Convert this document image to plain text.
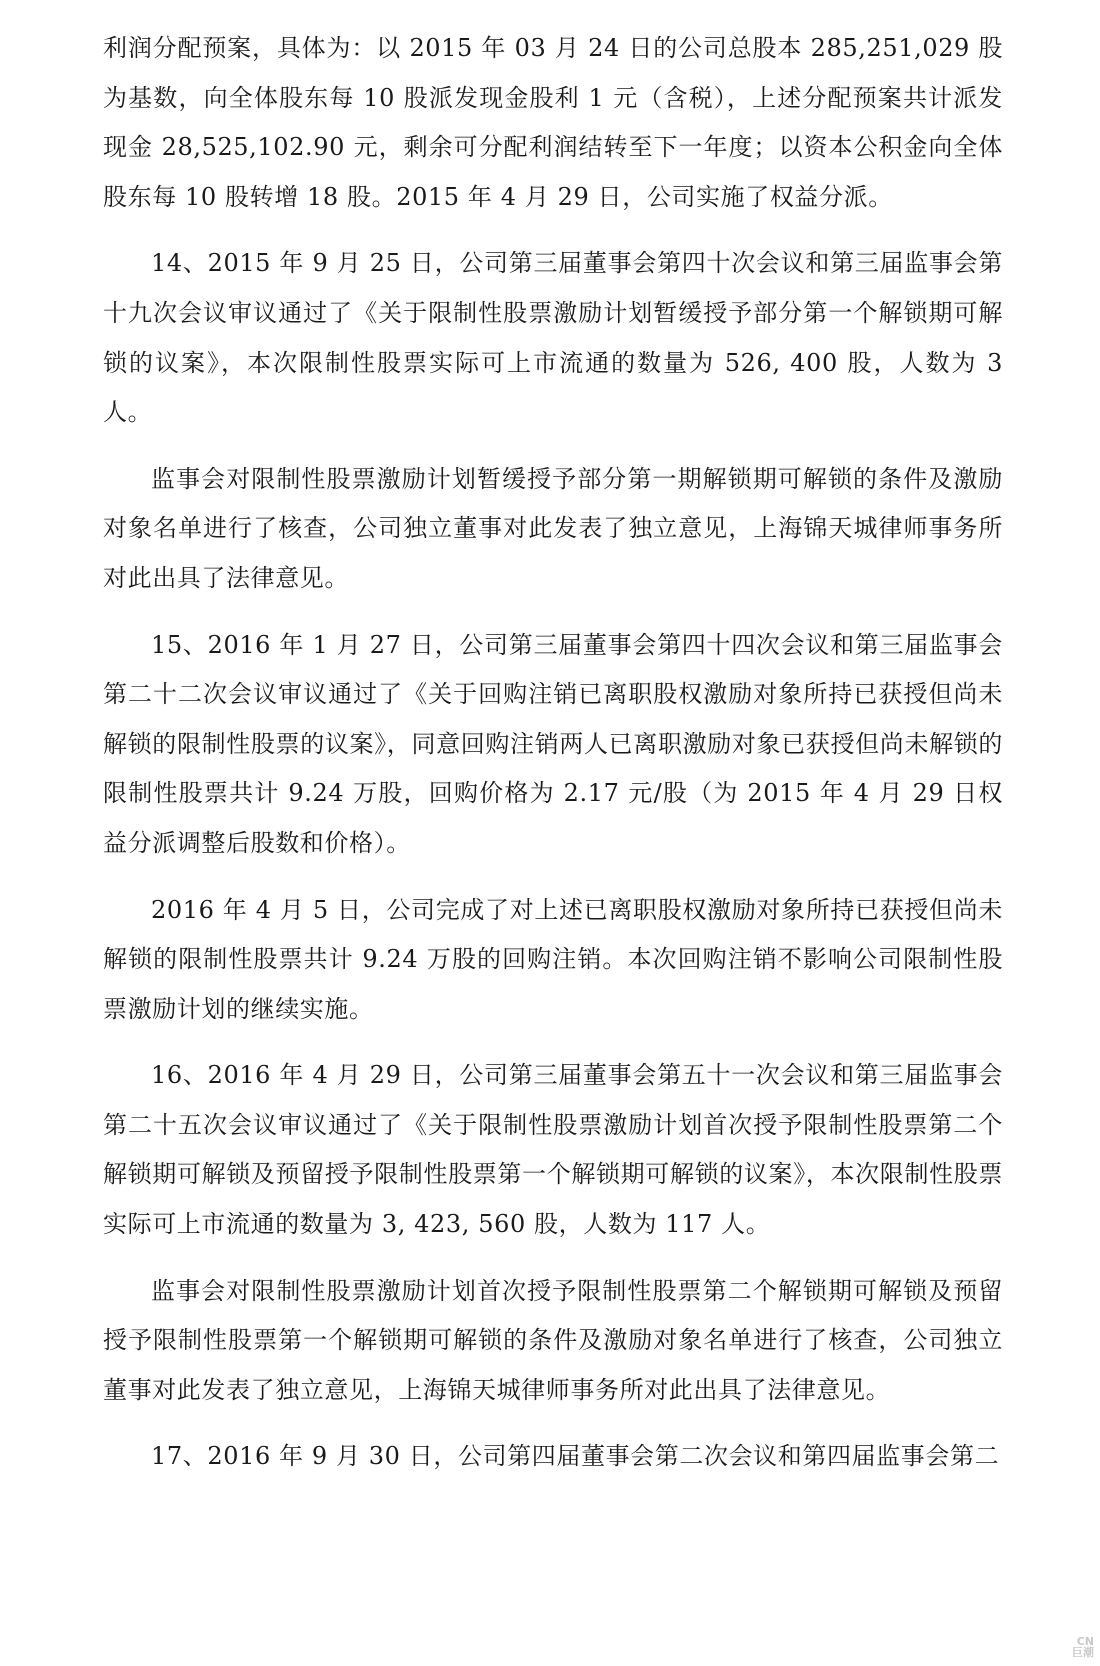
利润分配预案，具体为：以 2015 年 03 月 24 日的公司总股本 285,251,029 股为基数，向全体股东每 10 股派发现金股利 1 元（含税），上述分配预案共计派发现金 28,525,102.90 元，剩余可分配利润结转至下一年度；以资本公积金向全体股东每 10 股转增 18 股。2015 年 4 月 29 日，公司实施了权益分派。

14、2015 年 9 月 25 日，公司第三届董事会第四十次会议和第三届监事会第十九次会议审议通过了《关于限制性股票激励计划暂缓授予部分第一个解锁期可解锁的议案》，本次限制性股票实际可上市流通的数量为 526, 400 股，人数为 3 人。

监事会对限制性股票激励计划暂缓授予部分第一期解锁期可解锁的条件及激励对象名单进行了核查，公司独立董事对此发表了独立意见，上海锦天城律师事务所对此出具了法律意见。

15、2016 年 1 月 27 日，公司第三届董事会第四十四次会议和第三届监事会第二十二次会议审议通过了《关于回购注销已离职股权激励对象所持已获授但尚未解锁的限制性股票的议案》，同意回购注销两人已离职激励对象已获授但尚未解锁的限制性股票共计 9.24 万股，回购价格为 2.17 元/股（为 2015 年 4 月 29 日权益分派调整后股数和价格）。

2016 年 4 月 5 日，公司完成了对上述已离职股权激励对象所持已获授但尚未解锁的限制性股票共计 9.24 万股的回购注销。本次回购注销不影响公司限制性股票激励计划的继续实施。

16、2016 年 4 月 29 日，公司第三届董事会第五十一次会议和第三届监事会第二十五次会议审议通过了《关于限制性股票激励计划首次授予限制性股票第二个解锁期可解锁及预留授予限制性股票第一个解锁期可解锁的议案》，本次限制性股票实际可上市流通的数量为 3, 423, 560 股，人数为 117 人。

监事会对限制性股票激励计划首次授予限制性股票第二个解锁期可解锁及预留授予限制性股票第一个解锁期可解锁的条件及激励对象名单进行了核查，公司独立董事对此发表了独立意见，上海锦天城律师事务所对此出具了法律意见。

17、2016 年 9 月 30 日，公司第四届董事会第二次会议和第四届监事会第二

CN
巨潮
